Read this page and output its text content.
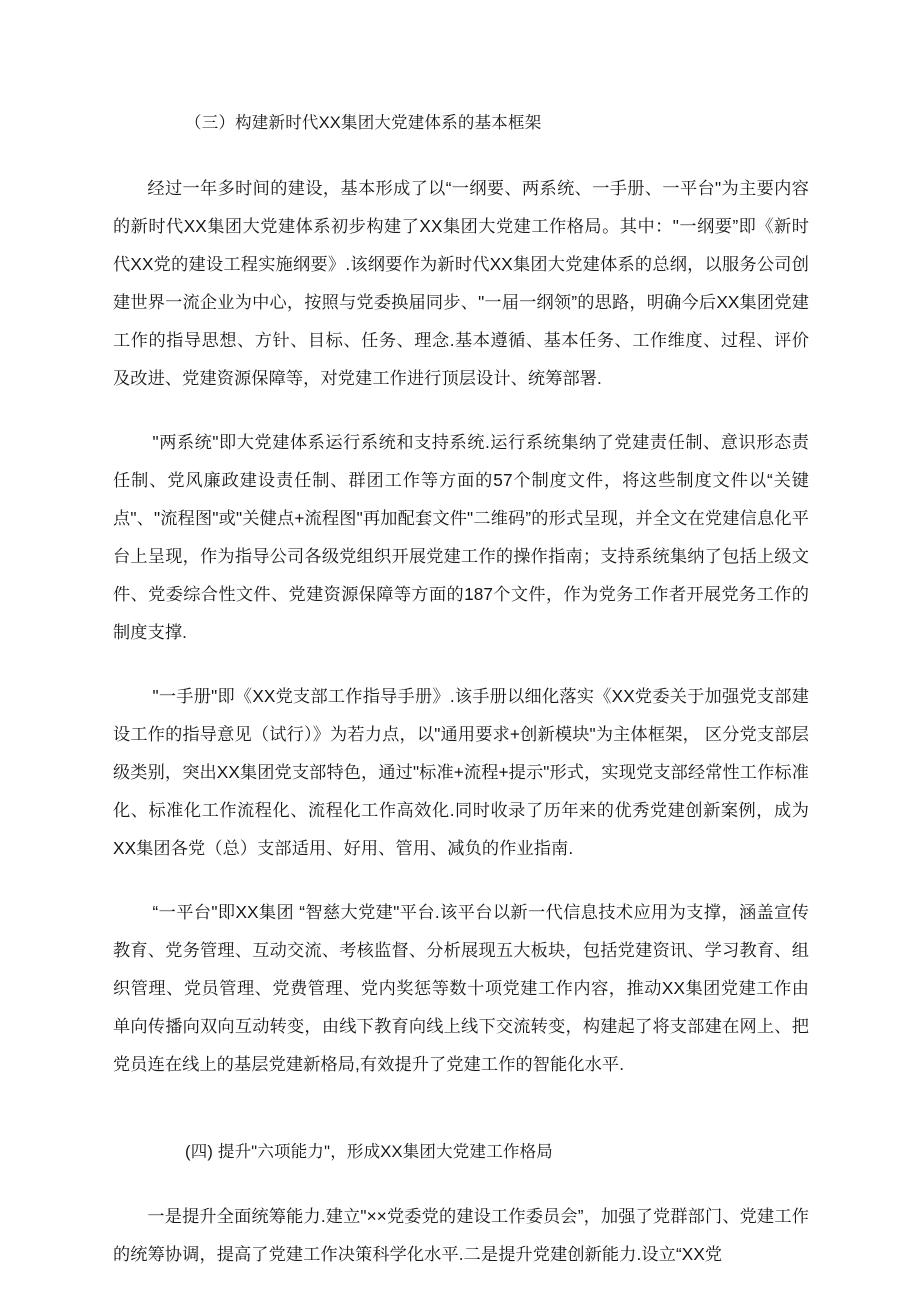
（三）构建新时代XX集团大党建体系的基本框架

经过一年多时间的建设，基本形成了以“一纲要、两系统、一手册、一平台"为主要内容的新时代XX集团大党建体系初步构建了XX集团大党建工作格局。其中："一纲要”即《新时代XX党的建设工程实施纲要》.该纲要作为新时代XX集团大党建体系的总纲，以服务公司创建世界一流企业为中心，按照与党委换届同步、"一届一纲领”的思路，明确今后XX集团党建工作的指导思想、方针、目标、任务、理念.基本遵循、基本任务、工作维度、过程、评价及改进、党建资源保障等，对党建工作进行顶层设计、统筹部署.

"两系统"即大党建体系运行系统和支持系统.运行系统集纳了党建责任制、意识形态责任制、党风廉政建设责任制、群团工作等方面的57个制度文件，将这些制度文件以“关键点"、"流程图"或"关健点+流程图"再加配套文件"二维码”的形式呈现，并全文在党建信息化平台上呈现，作为指导公司各级党组织开展党建工作的操作指南；支持系统集纳了包括上级文件、党委综合性文件、党建资源保障等方面的187个文件，作为党务工作者开展党务工作的制度支撑.

"一手册"即《XX党支部工作指导手册》.该手册以细化落实《XX党委关于加强党支部建设工作的指导意见（试行）》为若力点，以"通用要求+创新模块"为主体框架， 区分党支部层级类别，突出XX集团党支部特色，通过"标准+流程+提示"形式，实现党支部经常性工作标准化、标准化工作流程化、流程化工作高效化.同时收录了历年来的优秀党建创新案例，成为XX集团各党（总）支部适用、好用、管用、减负的作业指南.

“一平台"即XX集团 “智慈大党建"平台.该平台以新一代信息技术应用为支撑，涵盖宣传教育、党务管理、互动交流、考核监督、分析展现五大板块，包括党建资讯、学习教育、组织管理、党员管理、党费管理、党内奖惩等数十项党建工作内容，推动XX集团党建工作由单向传播向双向互动转变，由线下教育向线上线下交流转变，构建起了将支部建在网上、把党员连在线上的基层党建新格局,有效提升了党建工作的智能化水平.

(四) 提升"六项能力"，形成XX集团大党建工作格局

一是提升全面统筹能力.建立"××党委党的建设工作委员会”，加强了党群部门、党建工作的统筹协调，提高了党建工作决策科学化水平.二是提升党建创新能力.设立“XX党
